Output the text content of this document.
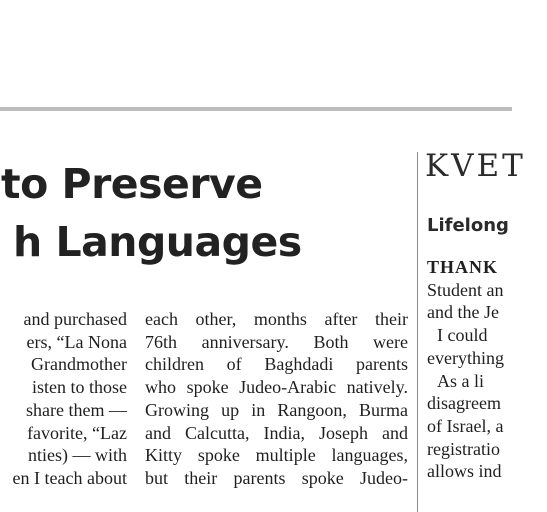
to Preserve
h Languages
KVET
Lifelong
and purchased
ers, “La Nona
Grandmother
isten to those
share them —
favorite, “Laz
nties) — with
en I teach about
each other, months after their
76th anniversary. Both were
children of Baghdadi parents
who spoke Judeo-Arabic natively.
Growing up in Rangoon, Burma
and Calcutta, India, Joseph and
Kitty spoke multiple languages,
but their parents spoke Judeo-
THANK
Student an
and the Je
I could
everything
As a li
disagreem
of Israel, a
registratio
allows ind
